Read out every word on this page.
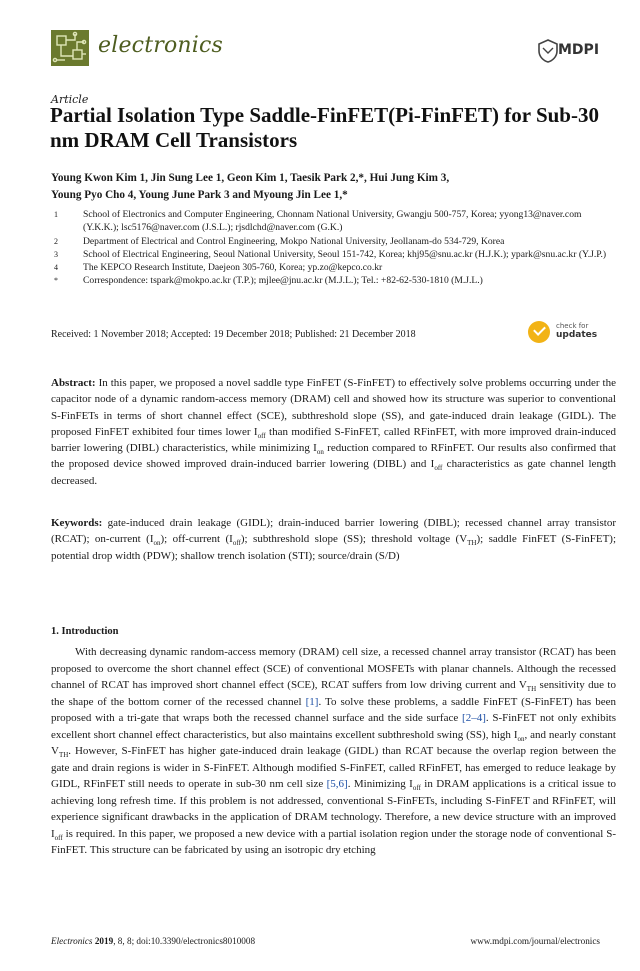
electronics	MDPI
Article
Partial Isolation Type Saddle-FinFET(Pi-FinFET) for Sub-30 nm DRAM Cell Transistors
Young Kwon Kim 1, Jin Sung Lee 1, Geon Kim 1, Taesik Park 2,*, Hui Jung Kim 3,
Young Pyo Cho 4, Young June Park 3 and Myoung Jin Lee 1,*
1	School of Electronics and Computer Engineering, Chonnam National University, Gwangju 500-757, Korea; yyong13@naver.com (Y.K.K.); lsc5176@naver.com (J.S.L.); rjsdlchd@naver.com (G.K.)
2	Department of Electrical and Control Engineering, Mokpo National University, Jeollanam-do 534-729, Korea
3	School of Electrical Engineering, Seoul National University, Seoul 151-742, Korea; khj95@snu.ac.kr (H.J.K.); ypark@snu.ac.kr (Y.J.P.)
4	The KEPCO Research Institute, Daejeon 305-760, Korea; yp.zo@kepco.co.kr
*	Correspondence: tspark@mokpo.ac.kr (T.P.); mjlee@jnu.ac.kr (M.J.L.); Tel.: +82-62-530-1810 (M.J.L.)
Received: 1 November 2018; Accepted: 19 December 2018; Published: 21 December 2018
check for
updates
Abstract: In this paper, we proposed a novel saddle type FinFET (S-FinFET) to effectively solve problems occurring under the capacitor node of a dynamic random-access memory (DRAM) cell and showed how its structure was superior to conventional S-FinFETs in terms of short channel effect (SCE), subthreshold slope (SS), and gate-induced drain leakage (GIDL). The proposed FinFET exhibited four times lower $I_{off}$ than modified S-FinFET, called RFinFET, with more improved drain-induced barrier lowering (DIBL) characteristics, while minimizing $I_{on}$ reduction compared to RFinFET. Our results also confirmed that the proposed device showed improved drain-induced barrier lowering (DIBL) and $I_{off}$ characteristics as gate channel length decreased.
Keywords: gate-induced drain leakage (GIDL); drain-induced barrier lowering (DIBL); recessed channel array transistor (RCAT); on-current $(I_{on})$; off-current $(I_{off})$; subthreshold slope (SS); threshold voltage $(V_{TH})$; saddle FinFET (S-FinFET); potential drop width (PDW); shallow trench isolation (STI); source/drain (S/D)
1. Introduction

With decreasing dynamic random-access memory (DRAM) cell size, a recessed channel array transistor (RCAT) has been proposed to overcome the short channel effect (SCE) of conventional MOSFETs with planar channels. Although the recessed channel of RCAT has improved short channel effect (SCE), RCAT suffers from low driving current and $V_{TH}$ sensitivity due to the shape of the bottom corner of the recessed channel [1]. To solve these problems, a saddle FinFET (S-FinFET) has been proposed with a tri-gate that wraps both the recessed channel surface and the side surface [2–4]. S-FinFET not only exhibits excellent short channel effect characteristics, but also maintains excellent subthreshold swing (SS), high $I_{on}$, and nearly constant $V_{TH}$. However, S-FinFET has higher gate-induced drain leakage (GIDL) than RCAT because the overlap region between the gate and drain regions is wider in S-FinFET. Although modified S-FinFET, called RFinFET, has emerged to reduce leakage by GIDL, RFinFET still needs to operate in sub-30 nm cell size [5,6]. Minimizing $I_{off}$ in DRAM applications is a critical issue to achieving long refresh time. If this problem is not addressed, conventional S-FinFETs, including S-FinFET and RFinFET, will experience significant drawbacks in the application of DRAM technology. Therefore, a new device structure with an improved $I_{off}$ is required. In this paper, we proposed a new device with a partial isolation region under the storage node of conventional S-FinFET. This structure can be fabricated by using an isotropic dry etching

Electronics 2019, 8, 8; doi:10.3390/electronics8010008	www.mdpi.com/journal/electronics
